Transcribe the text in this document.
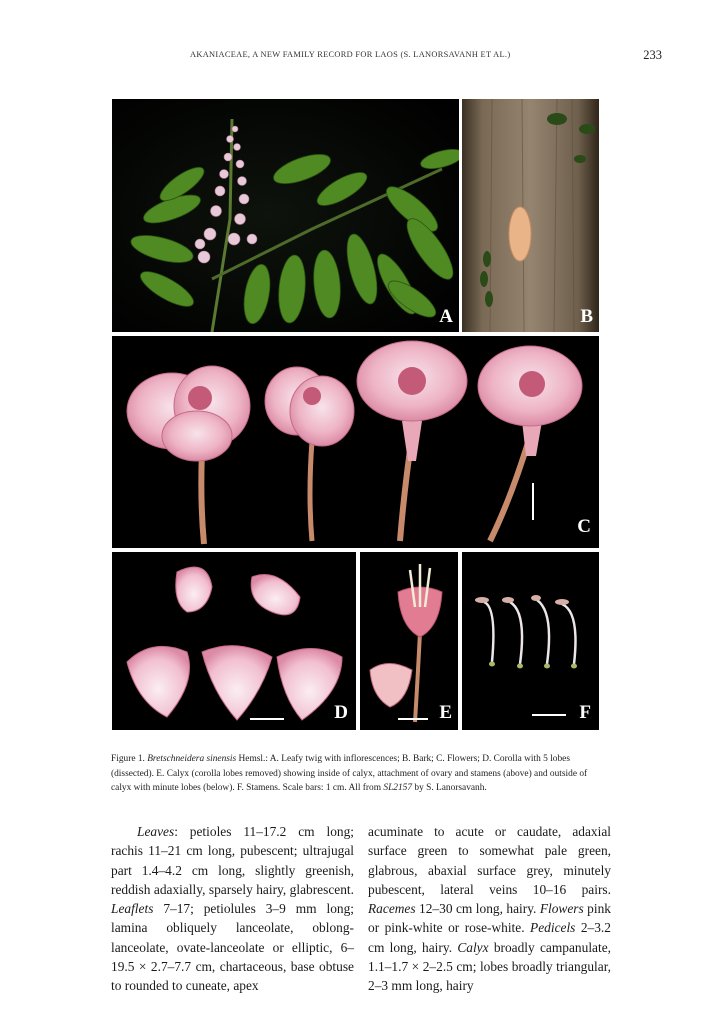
AKANIACEAE, A NEW FAMILY RECORD FOR LAOS (S. LANORSAVANH ET AL.)	233
A	B
C
D	E	F
Figure 1. Bretschneidera sinensis Hemsl.: A. Leafy twig with inflorescences; B. Bark; C. Flowers; D. Corolla with 5 lobes (dissected). E. Calyx (corolla lobes removed) showing inside of calyx, attachment of ovary and stamens (above) and outside of calyx with minute lobes (below). F. Stamens. Scale bars: 1 cm. All from SL2157 by S. Lanorsavanh.

Leaves: petioles 11–17.2 cm long; rachis 11–21 cm long, pubescent; ultrajugal part 1.4–4.2 cm long, slightly greenish, reddish adaxially, sparsely hairy, glabrescent. Leaflets 7–17; petiolules 3–9 mm long; lamina obliquely lanceolate, oblong-lanceolate, ovate-lanceolate or elliptic, 6–19.5 × 2.7–7.7 cm, chartaceous, base obtuse to rounded to cuneate, apex

acuminate to acute or caudate, adaxial surface green to somewhat pale green, glabrous, abaxial surface grey, minutely pubescent, lateral veins 10–16 pairs. Racemes 12–30 cm long, hairy. Flowers pink or pink-white or rose-white. Pedicels 2–3.2 cm long, hairy. Calyx broadly campanulate, 1.1–1.7 × 2–2.5 cm; lobes broadly triangular, 2–3 mm long, hairy
